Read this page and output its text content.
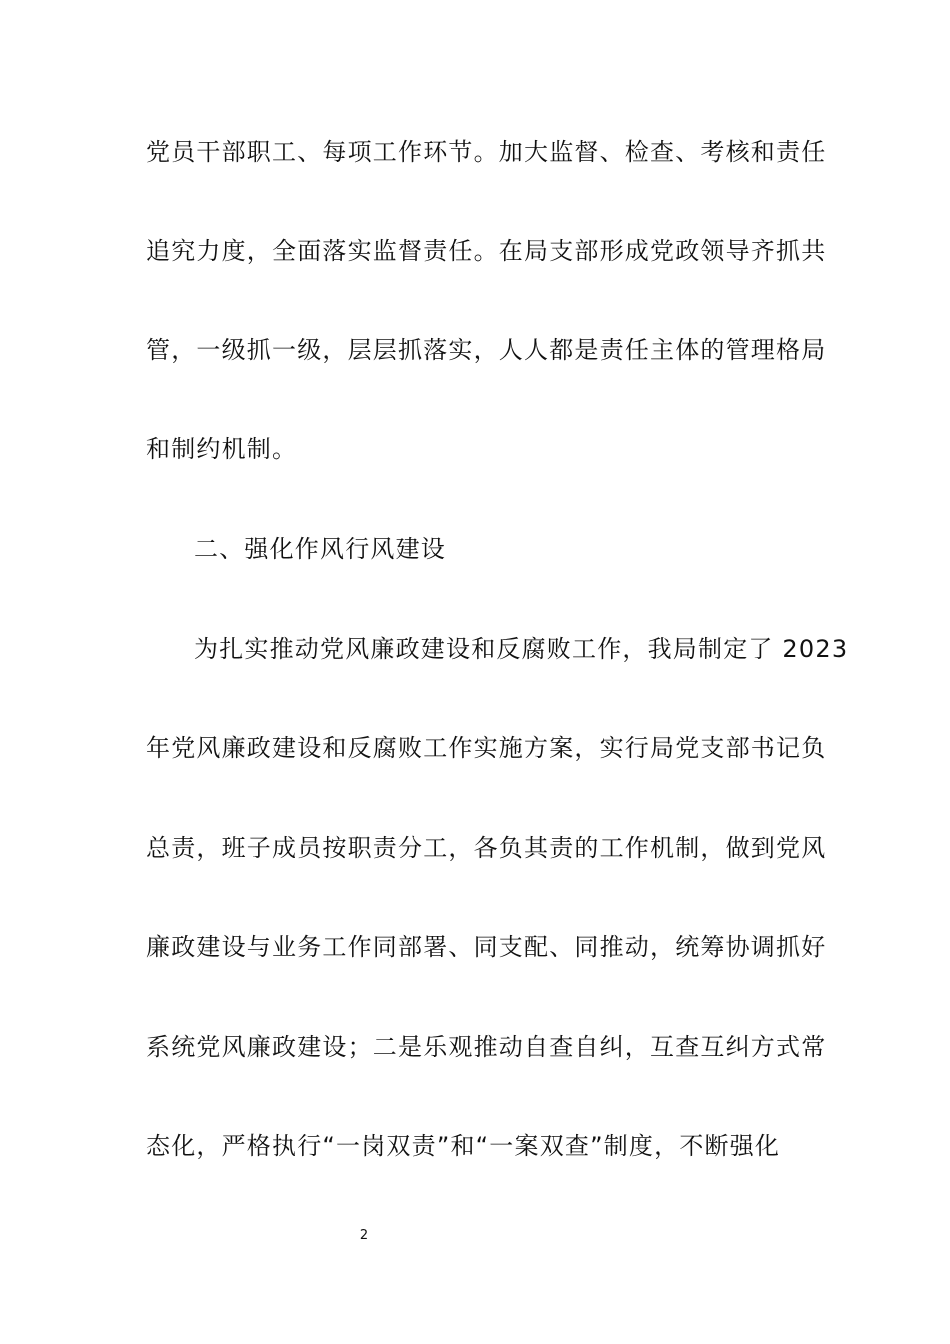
党员干部职工、每项工作环节。加大监督、检查、考核和责任
追究力度，全面落实监督责任。在局支部形成党政领导齐抓共
管，一级抓一级，层层抓落实，人人都是责任主体的管理格局
和制约机制。
二、强化作风行风建设
为扎实推动党风廉政建设和反腐败工作，我局制定了 2023
年党风廉政建设和反腐败工作实施方案，实行局党支部书记负
总责，班子成员按职责分工，各负其责的工作机制，做到党风
廉政建设与业务工作同部署、同支配、同推动，统筹协调抓好
系统党风廉政建设；二是乐观推动自查自纠，互查互纠方式常
态化，严格执行“一岗双责”和“一案双查”制度，不断强化
2
